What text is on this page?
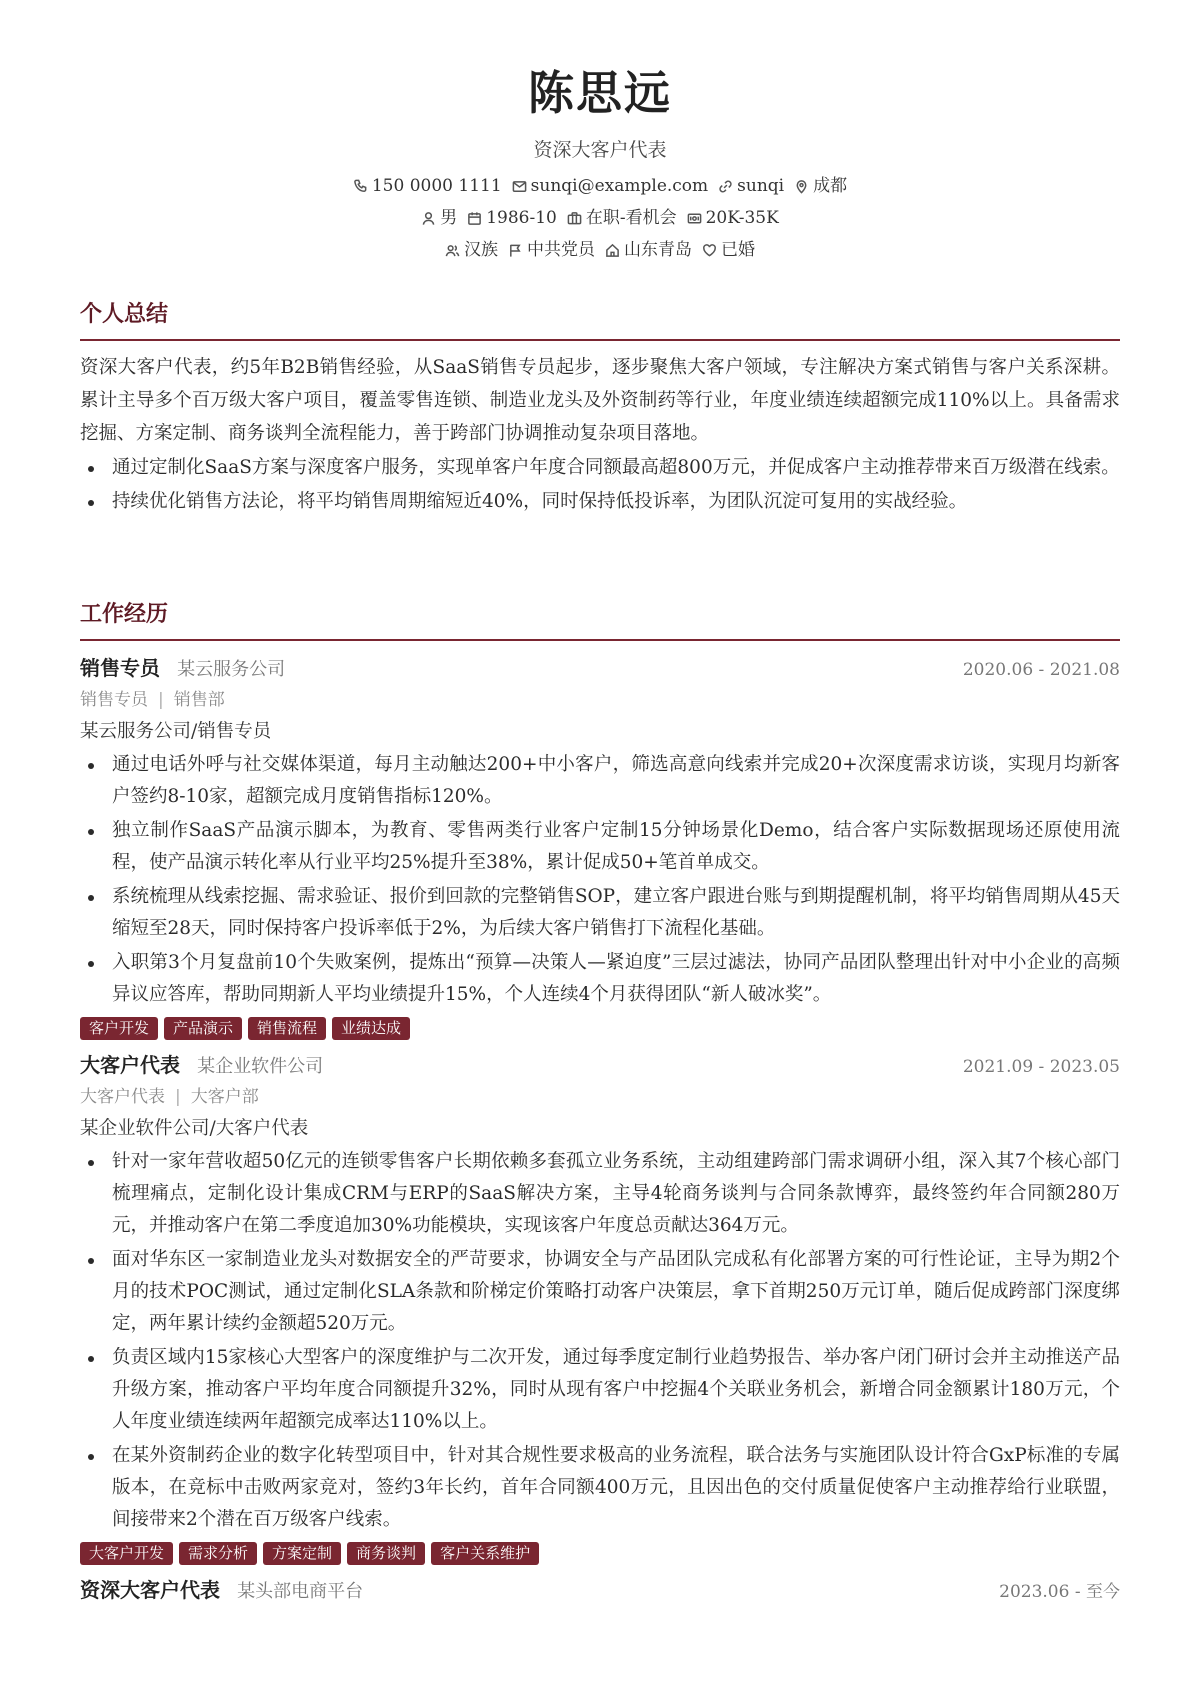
陈思远
资深大客户代表
150 0000 1111 sunqi@example.com sunqi 成都
男 1986-10 在职-看机会 20K-35K
汉族 中共党员 山东青岛 已婚
个人总结

资深大客户代表，约5年B2B销售经验，从SaaS销售专员起步，逐步聚焦大客户领域，专注解决方案式销售与客户关系深耕。累计主导多个百万级大客户项目，覆盖零售连锁、制造业龙头及外资制药等行业，年度业绩连续超额完成110%以上。具备需求挖掘、方案定制、商务谈判全流程能力，善于跨部门协调推动复杂项目落地。

通过定制化SaaS方案与深度客户服务，实现单客户年度合同额最高超800万元，并促成客户主动推荐带来百万级潜在线索。
持续优化销售方法论，将平均销售周期缩短近40%，同时保持低投诉率，为团队沉淀可复用的实战经验。
工作经历
销售专员 某云服务公司	2020.06 - 2021.08
销售专员 | 销售部
某云服务公司/销售专员
通过电话外呼与社交媒体渠道，每月主动触达200+中小客户，筛选高意向线索并完成20+次深度需求访谈，实现月均新客户签约8-10家，超额完成月度销售指标120%。
独立制作SaaS产品演示脚本，为教育、零售两类行业客户定制15分钟场景化Demo，结合客户实际数据现场还原使用流程，使产品演示转化率从行业平均25%提升至38%，累计促成50+笔首单成交。
系统梳理从线索挖掘、需求验证、报价到回款的完整销售SOP，建立客户跟进台账与到期提醒机制，将平均销售周期从45天缩短至28天，同时保持客户投诉率低于2%，为后续大客户销售打下流程化基础。
入职第3个月复盘前10个失败案例，提炼出“预算—决策人—紧迫度”三层过滤法，协同产品团队整理出针对中小企业的高频异议应答库，帮助同期新人平均业绩提升15%，个人连续4个月获得团队“新人破冰奖”。
客户开发	产品演示	销售流程	业绩达成
大客户代表 某企业软件公司	2021.09 - 2023.05
大客户代表 | 大客户部
某企业软件公司/大客户代表
针对一家年营收超50亿元的连锁零售客户长期依赖多套孤立业务系统，主动组建跨部门需求调研小组，深入其7个核心部门梳理痛点，定制化设计集成CRM与ERP的SaaS解决方案，主导4轮商务谈判与合同条款博弈，最终签约年合同额280万元，并推动客户在第二季度追加30%功能模块，实现该客户年度总贡献达364万元。
面对华东区一家制造业龙头对数据安全的严苛要求，协调安全与产品团队完成私有化部署方案的可行性论证，主导为期2个月的技术POC测试，通过定制化SLA条款和阶梯定价策略打动客户决策层，拿下首期250万元订单，随后促成跨部门深度绑定，两年累计续约金额超520万元。
负责区域内15家核心大型客户的深度维护与二次开发，通过每季度定制行业趋势报告、举办客户闭门研讨会并主动推送产品升级方案，推动客户平均年度合同额提升32%，同时从现有客户中挖掘4个关联业务机会，新增合同金额累计180万元，个人年度业绩连续两年超额完成率达110%以上。
在某外资制药企业的数字化转型项目中，针对其合规性要求极高的业务流程，联合法务与实施团队设计符合GxP标准的专属版本，在竞标中击败两家竞对，签约3年长约，首年合同额400万元，且因出色的交付质量促使客户主动推荐给行业联盟，间接带来2个潜在百万级客户线索。
大客户开发	需求分析	方案定制	商务谈判	客户关系维护
资深大客户代表 某头部电商平台	2023.06 - 至今
